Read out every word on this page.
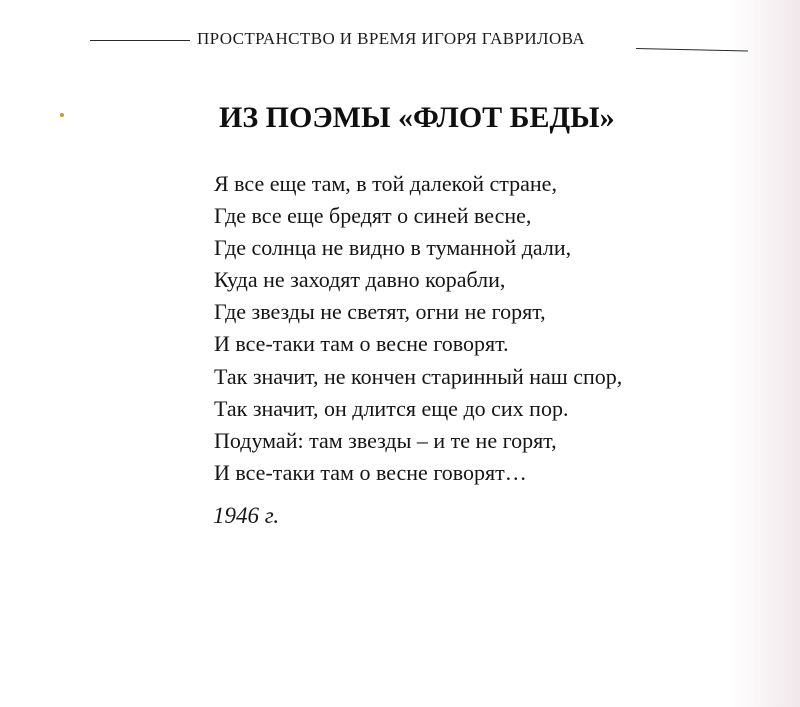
ПРОСТРАНСТВО И ВРЕМЯ ИГОРЯ ГАВРИЛОВА
ИЗ ПОЭМЫ «ФЛОТ БЕДЫ»
Я все еще там, в той далекой стране,
Где все еще бредят о синей весне,
Где солнца не видно в туманной дали,
Куда не заходят давно корабли,
Где звезды не светят, огни не горят,
И все-таки там о весне говорят.
Так значит, не кончен старинный наш спор,
Так значит, он длится еще до сих пор.
Подумай: там звезды – и те не горят,
И все-таки там о весне говорят…
1946 г.
